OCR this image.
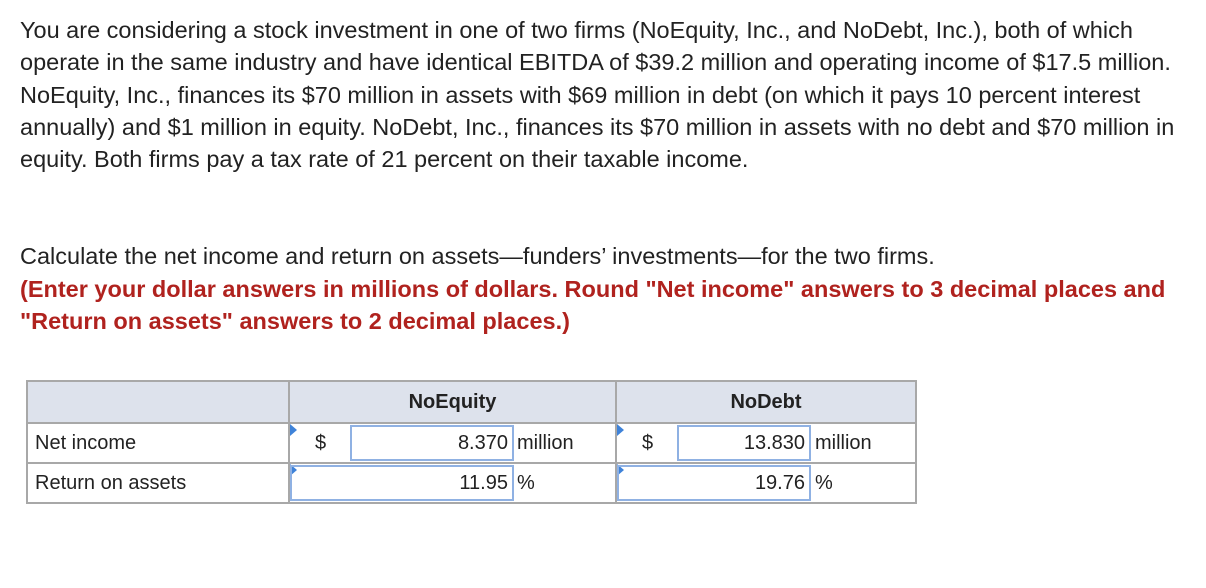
You are considering a stock investment in one of two firms (NoEquity, Inc., and NoDebt, Inc.), both of which operate in the same industry and have identical EBITDA of $39.2 million and operating income of $17.5 million. NoEquity, Inc., finances its $70 million in assets with $69 million in debt (on which it pays 10 percent interest annually) and $1 million in equity. NoDebt, Inc., finances its $70 million in assets with no debt and $70 million in equity. Both firms pay a tax rate of 21 percent on their taxable income.

Calculate the net income and return on assets—funders’ investments—for the two firms.
(Enter your dollar answers in millions of dollars. Round "Net income" answers to 3 decimal places and "Return on assets" answers to 2 decimal places.)

	NoEquity	NoDebt
Net income	$ 8.370 million	$ 13.830 million

Return on assets	11.95 %	19.76 %
